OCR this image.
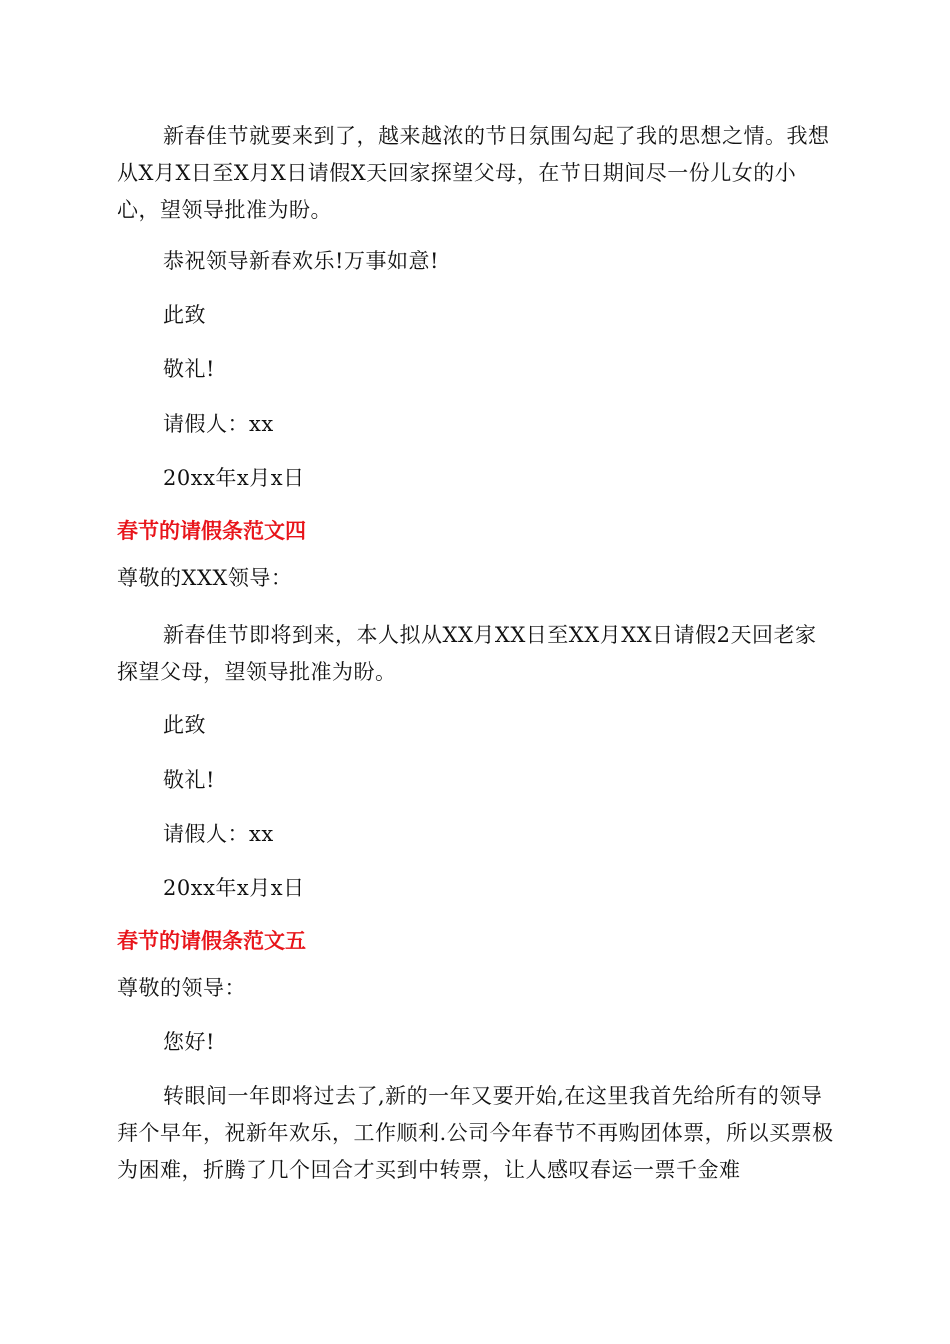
新春佳节就要来到了，越来越浓的节日氛围勾起了我的思想之情。我想从X月X日至X月X日请假X天回家探望父母，在节日期间尽一份儿女的小心，望领导批准为盼。

恭祝领导新春欢乐!万事如意!

此致

敬礼!

请假人：xx

20xx年x月x日

春节的请假条范文四

尊敬的XXX领导：

新春佳节即将到来，本人拟从XX月XX日至XX月XX日请假2天回老家探望父母，望领导批准为盼。

此致

敬礼!

请假人：xx

20xx年x月x日

春节的请假条范文五

尊敬的领导：

您好!

转眼间一年即将过去了,新的一年又要开始,在这里我首先给所有的领导拜个早年，祝新年欢乐，工作顺利.公司今年春节不再购团体票，所以买票极为困难，折腾了几个回合才买到中转票，让人感叹春运一票千金难
